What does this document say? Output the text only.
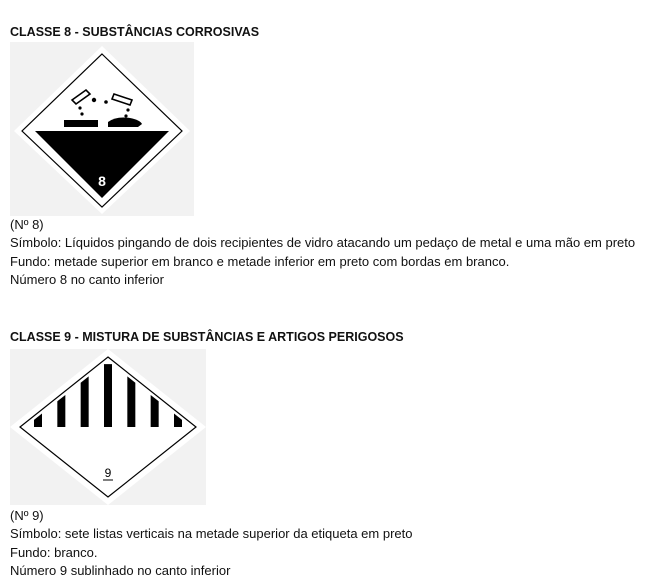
CLASSE 8 - SUBSTÂNCIAS CORROSIVAS
8

(Nº 8)

Símbolo: Líquidos pingando de dois recipientes de vidro atacando um pedaço de metal e uma mão em preto

Fundo: metade superior em branco e metade inferior em preto com bordas em branco.

Número 8 no canto inferior

CLASSE 9 - MISTURA DE SUBSTÂNCIAS E ARTIGOS PERIGOSOS
9

(Nº 9)

Símbolo: sete listas verticais na metade superior da etiqueta em preto

Fundo: branco.

Número 9 sublinhado no canto inferior
